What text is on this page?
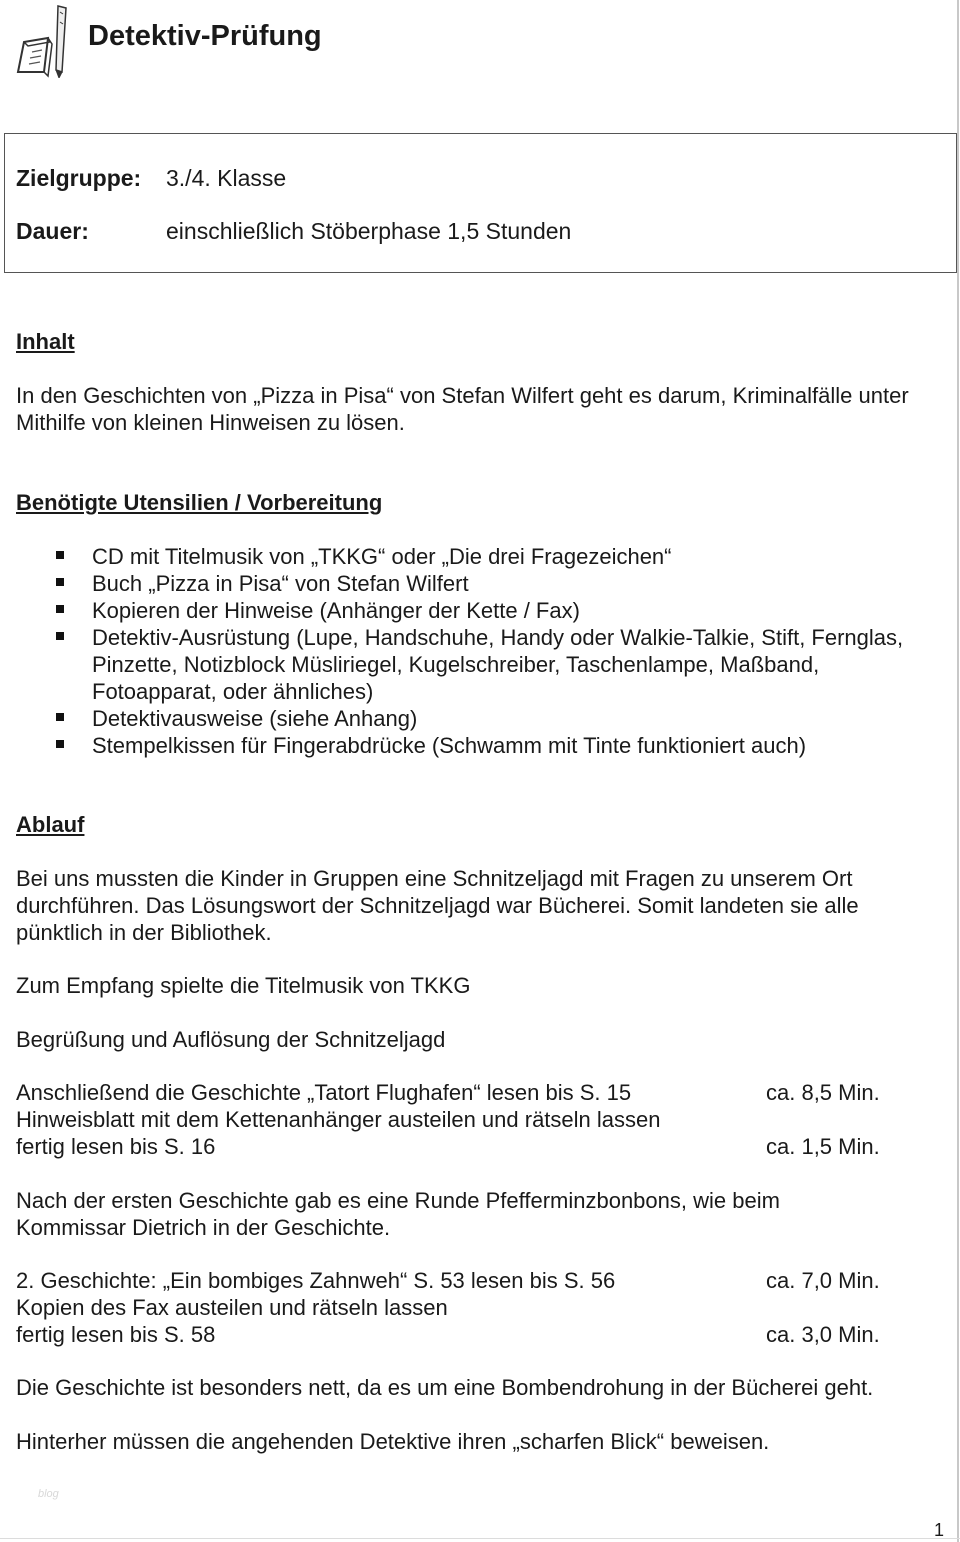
Detektiv-Prüfung
Zielgruppe: 3./4. Klasse
Dauer:	einschließlich Stöberphase 1,5 Stunden
Inhalt
In den Geschichten von „Pizza in Pisa“ von Stefan Wilfert geht es darum, Kriminalfälle unter Mithilfe von kleinen Hinweisen zu lösen.
Benötigte Utensilien / Vorbereitung
CD mit Titelmusik von „TKKG“ oder „Die drei Fragezeichen“
Buch „Pizza in Pisa“ von Stefan Wilfert
Kopieren der Hinweise (Anhänger der Kette / Fax)
Detektiv-Ausrüstung (Lupe, Handschuhe, Handy oder Walkie-Talkie, Stift, Fernglas, Pinzette, Notizblock Müsliriegel, Kugelschreiber, Taschenlampe, Maßband, Fotoapparat, oder ähnliches)
Detektivausweise (siehe Anhang)
Stempelkissen für Fingerabdrücke (Schwamm mit Tinte funktioniert auch)
Ablauf
Bei uns mussten die Kinder in Gruppen eine Schnitzeljagd mit Fragen zu unserem Ort durchführen. Das Lösungswort der Schnitzeljagd war Bücherei. Somit landeten sie alle pünktlich in der Bibliothek.
Zum Empfang spielte die Titelmusik von TKKG
Begrüßung und Auflösung der Schnitzeljagd
Anschließend die Geschichte „Tatort Flughafen“ lesen bis S. 15	ca. 8,5 Min.
Hinweisblatt mit dem Kettenanhänger austeilen und rätseln lassen
fertig lesen bis S. 16	ca. 1,5 Min.
Nach der ersten Geschichte gab es eine Runde Pfefferminzbonbons, wie beim Kommissar Dietrich in der Geschichte.
2. Geschichte: „Ein bombiges Zahnweh“ S. 53 lesen bis S. 56	ca. 7,0 Min.
Kopien des Fax austeilen und rätseln lassen
fertig lesen bis S. 58	ca. 3,0 Min.
Die Geschichte ist besonders nett, da es um eine Bombendrohung in der Bücherei geht.
Hinterher müssen die angehenden Detektive ihren „scharfen Blick“ beweisen.
blog
1
